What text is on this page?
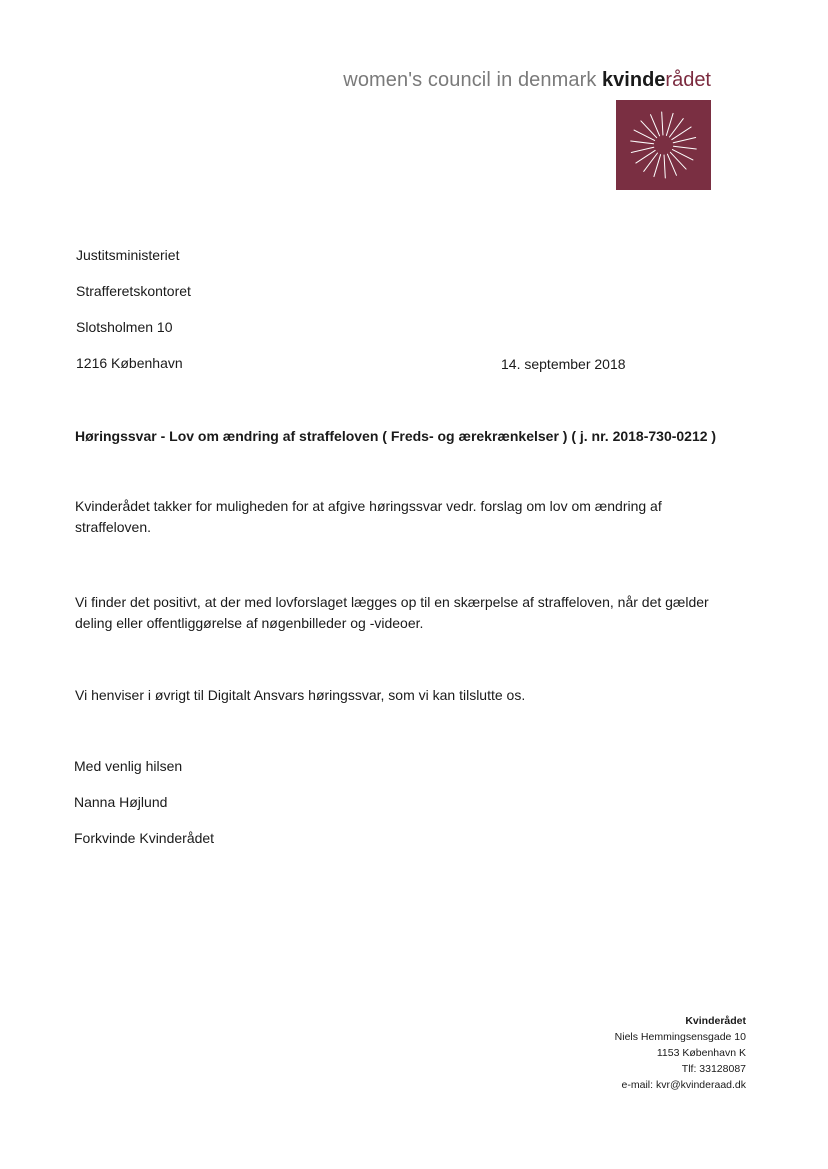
women's council in denmark kvinderådet
Justitsministeriet
Strafferetskontoret
Slotsholmen 10
1216 København	14. september 2018
Høringssvar - Lov om ændring af straffeloven ( Freds- og ærekrænkelser ) ( j. nr. 2018-730-0212 )
Kvinderådet takker for muligheden for at afgive høringssvar vedr. forslag om lov om ændring af straffeloven.
Vi finder det positivt, at der med lovforslaget lægges op til en skærpelse af straffeloven, når det gælder deling eller offentliggørelse af nøgenbilleder og -videoer.
Vi henviser i øvrigt til Digitalt Ansvars høringssvar, som vi kan tilslutte os.
Med venlig hilsen
Nanna Højlund
Forkvinde Kvinderådet
Kvinderådet
Niels Hemmingsensgade 10
1153 København K
Tlf: 33128087
e-mail: kvr@kvinderaad.dk
